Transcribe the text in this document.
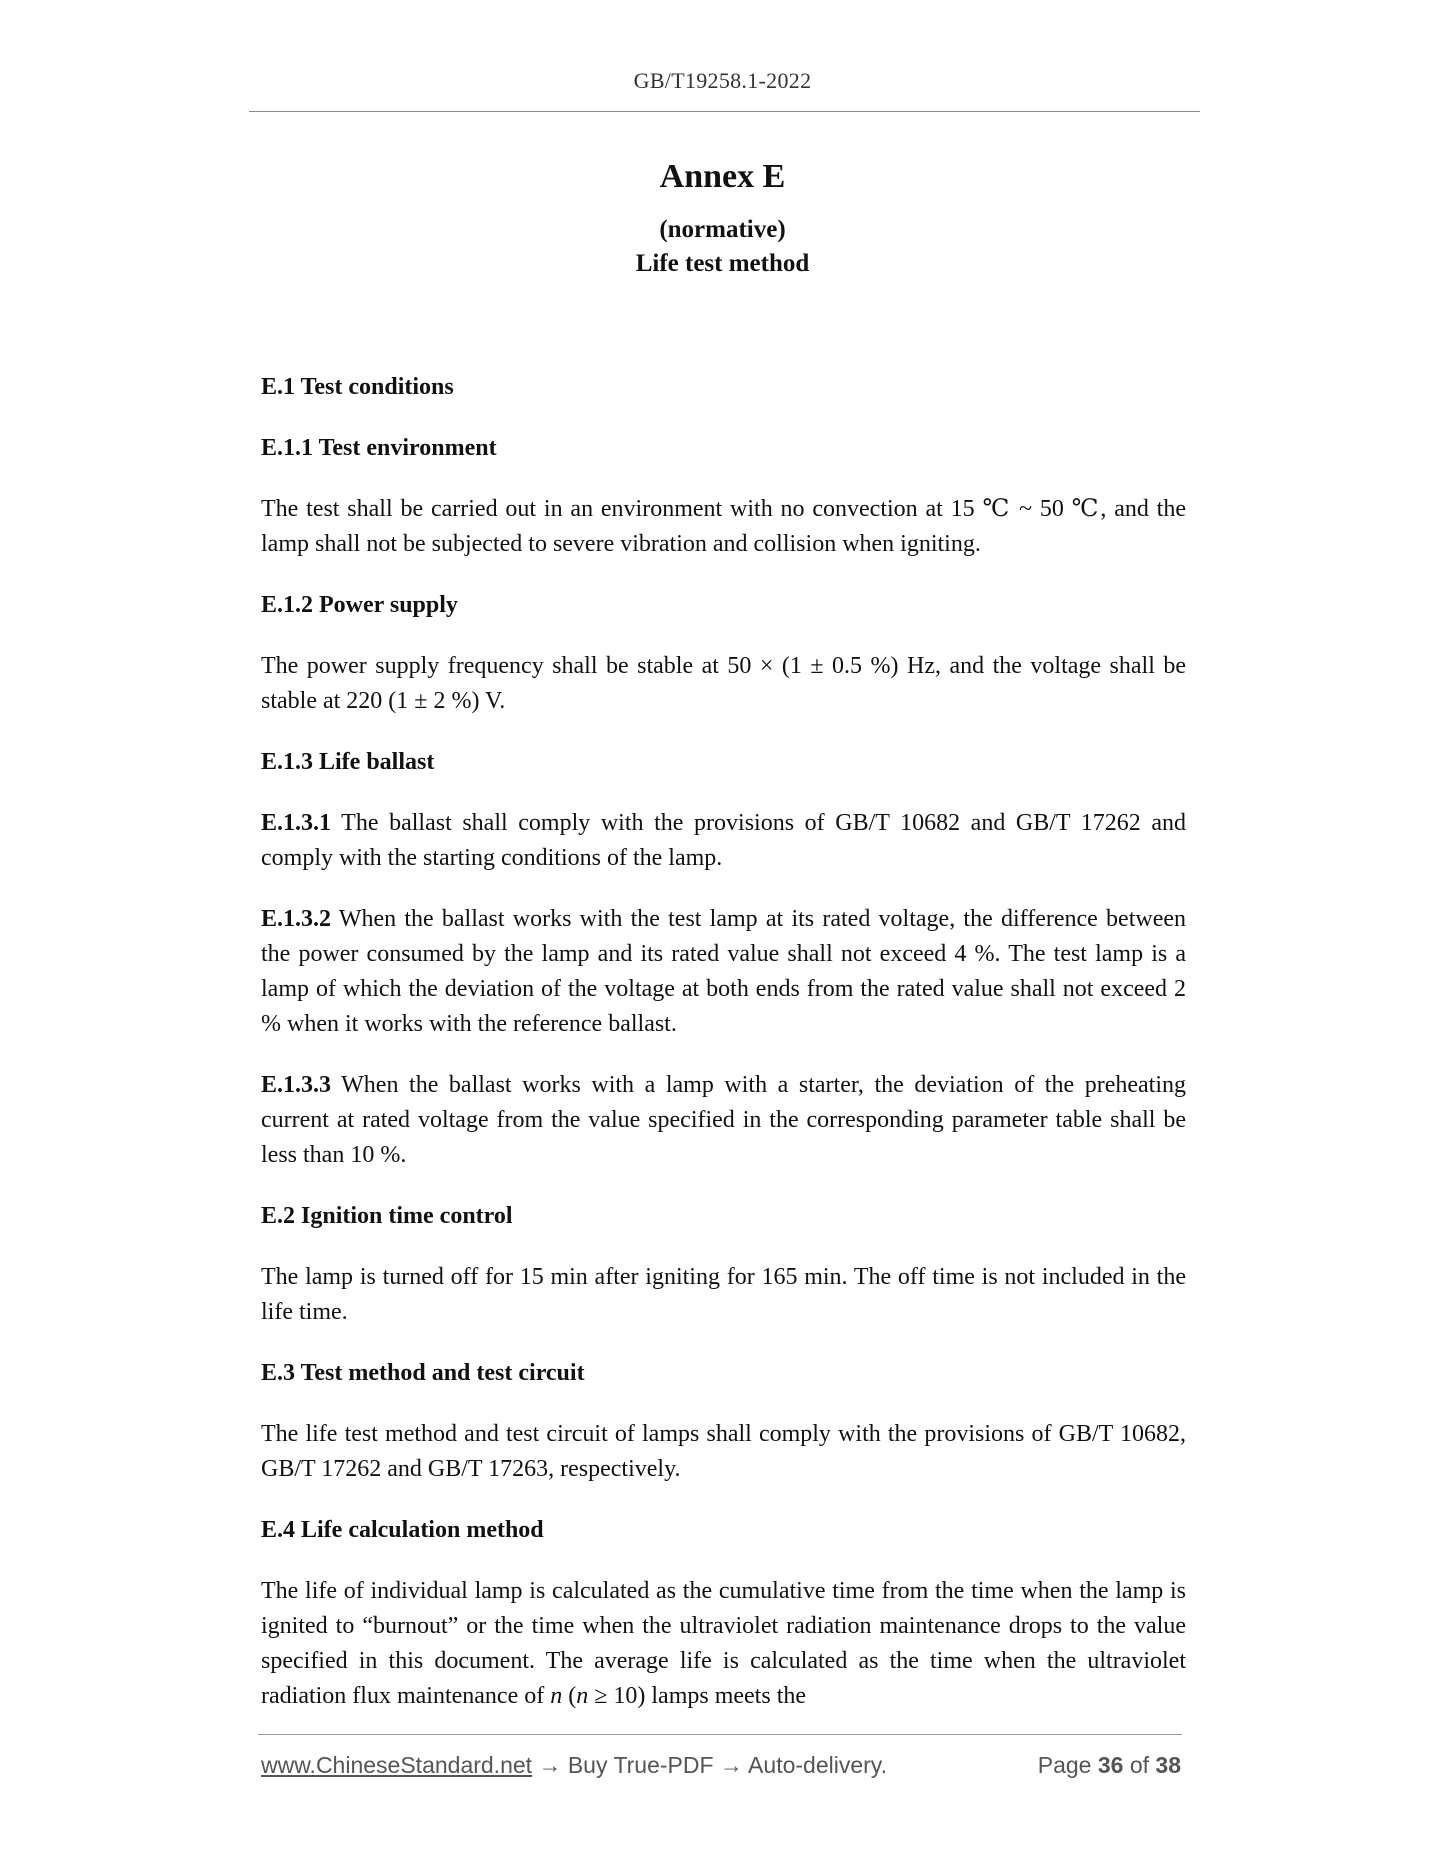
GB/T19258.1-2022
Annex E
(normative)
Life test method
E.1 Test conditions
E.1.1 Test environment

The test shall be carried out in an environment with no convection at 15 ℃ ~ 50 ℃, and the lamp shall not be subjected to severe vibration and collision when igniting.

E.1.2 Power supply

The power supply frequency shall be stable at 50 × (1 ± 0.5 %) Hz, and the voltage shall be stable at 220 (1 ± 2 %) V.

E.1.3 Life ballast

E.1.3.1 The ballast shall comply with the provisions of GB/T 10682 and GB/T 17262 and comply with the starting conditions of the lamp.

E.1.3.2 When the ballast works with the test lamp at its rated voltage, the difference between the power consumed by the lamp and its rated value shall not exceed 4 %. The test lamp is a lamp of which the deviation of the voltage at both ends from the rated value shall not exceed 2 % when it works with the reference ballast.

E.1.3.3 When the ballast works with a lamp with a starter, the deviation of the preheating current at rated voltage from the value specified in the corresponding parameter table shall be less than 10 %.

E.2 Ignition time control

The lamp is turned off for 15 min after igniting for 165 min. The off time is not included in the life time.

E.3 Test method and test circuit

The life test method and test circuit of lamps shall comply with the provisions of GB/T 10682, GB/T 17262 and GB/T 17263, respectively.

E.4 Life calculation method

The life of individual lamp is calculated as the cumulative time from the time when the lamp is ignited to “burnout” or the time when the ultraviolet radiation maintenance drops to the value specified in this document. The average life is calculated as the time when the ultraviolet radiation flux maintenance of n (n ≥ 10) lamps meets the

www.ChineseStandard.net → Buy True-PDF → Auto-delivery.	Page 36 of 38
